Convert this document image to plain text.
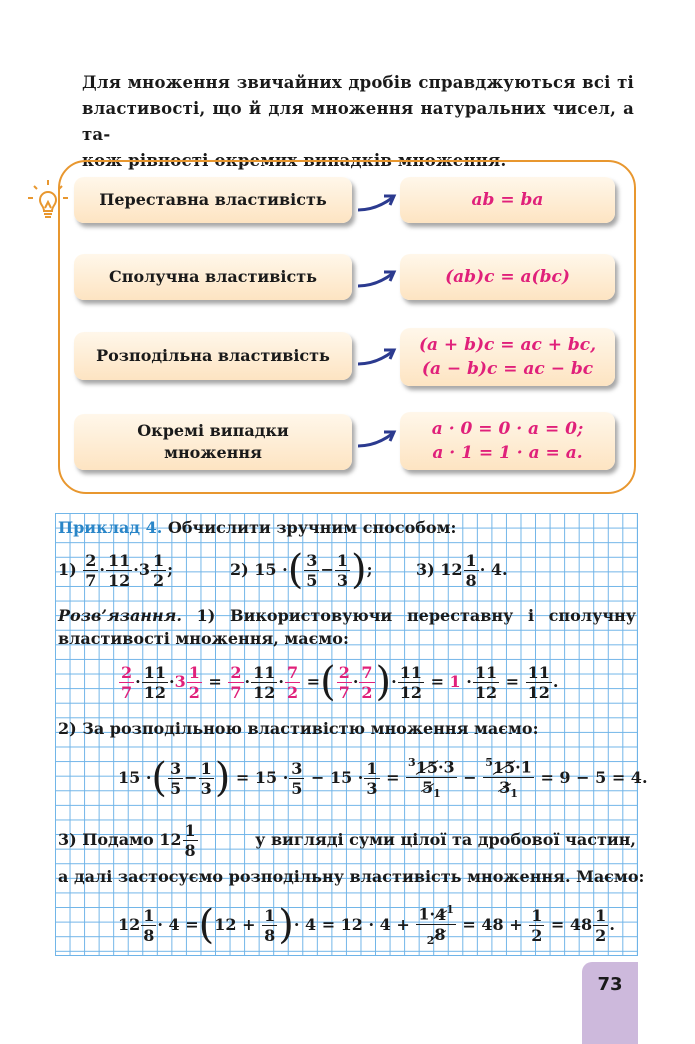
Для множення звичайних дробів справджуються всі ті
властивості, що й для множення натуральних чисел, а та-
кож рівності окремих випадків множення.
Переставна властивість	ab = ba
Сполучна властивість	(ab)c = a(bc)
Розподільна властивість
(a + b)c = ac + bc,
(a − b)c = ac − bc
Окремі випадки
множення
a · 0 = 0 · a = 0;
a · 1 = 1 · a = a.
Приклад 4. Обчислити зручним способом:
1)
$\frac{2}{7} \cdot \frac{11}{12} \cdot 3 \frac{1}{2}$ ;	2)
15 · ( $\frac{3}{5} - \frac{1}{3}$ ) ;	3)
$12 \frac{1}{8} \cdot 4$ .
Розв’язання. 1) Використовуючи переставну і сполучну
властивості множення, маємо:
$\frac{2}{7} \cdot \frac{11}{12} \cdot 3 \frac{1}{2} = \frac{2}{7} \cdot \frac{11}{12} \cdot \frac{7}{2}$ = ( $\frac{2}{7} \cdot \frac{7}{2}$ ) · $\frac{11}{12} = 1 \cdot \frac{11}{12} = \frac{11}{12}$ .
2) За розподільною властивістю множення маємо:
15 · ( $\frac{3}{5} - \frac{1}{3}$ ) = $15 \cdot \frac{3}{5} - 15 \cdot \frac{1}{3} = \frac{^315\cdot 3}{5_1} - \frac{^515\cdot 1}{3_1} = 9 - 5 = 4$ .
3) Подамо $12 \frac{1}{8}$	у вигляді суми цілої та дробової частин,
а далі застосуємо розподільну властивість множення. Маємо:
$12 \frac{1}{8} \cdot 4$ = ( $12 + \frac{1}{8}$ ) · $4 = 12 \cdot 4 + \frac{1\cdot 4^1}{_28} = 48 + \frac{1}{2} = 48 \frac{1}{2}$ .
73
